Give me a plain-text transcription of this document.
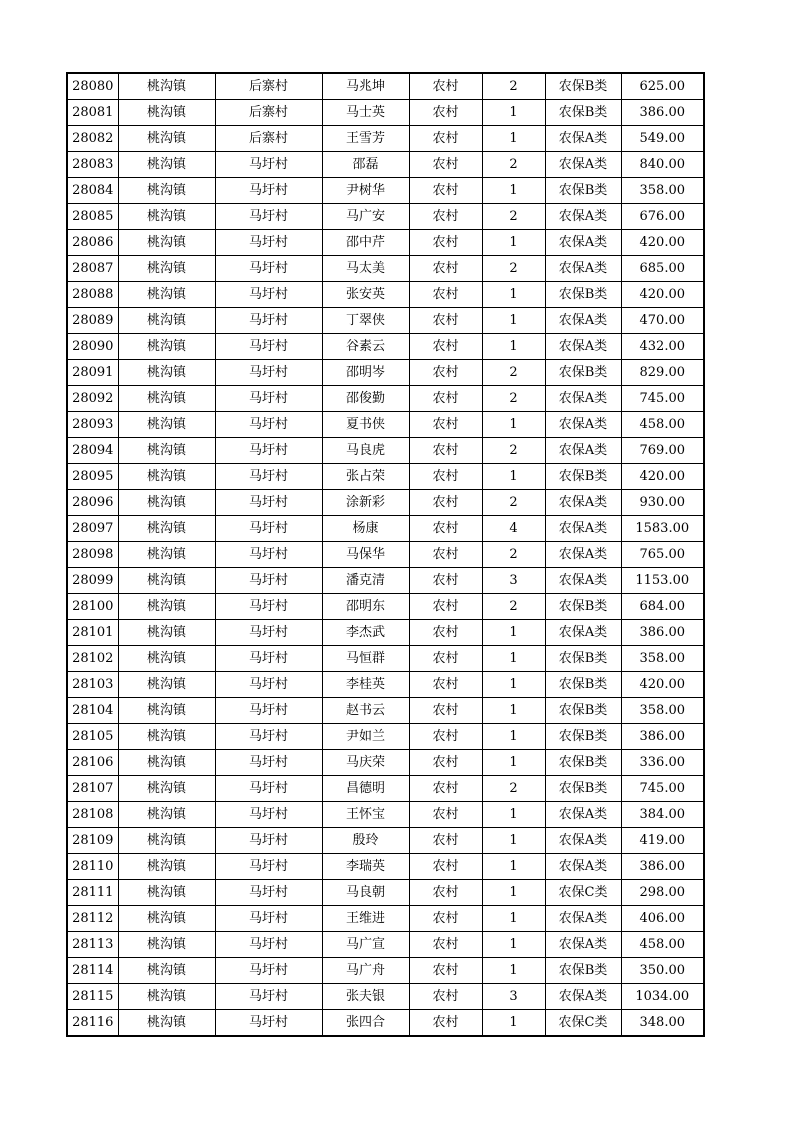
28080	桃沟镇	后寨村	马兆坤	农村	2	农保B类	625.00
28081	桃沟镇	后寨村	马士英	农村	1	农保B类	386.00
28082	桃沟镇	后寨村	王雪芳	农村	1	农保A类	549.00
28083	桃沟镇	马圩村	邵磊	农村	2	农保A类	840.00
28084	桃沟镇	马圩村	尹树华	农村	1	农保B类	358.00
28085	桃沟镇	马圩村	马广安	农村	2	农保A类	676.00
28086	桃沟镇	马圩村	邵中芹	农村	1	农保A类	420.00
28087	桃沟镇	马圩村	马太美	农村	2	农保A类	685.00
28088	桃沟镇	马圩村	张安英	农村	1	农保B类	420.00
28089	桃沟镇	马圩村	丁翠侠	农村	1	农保A类	470.00
28090	桃沟镇	马圩村	谷素云	农村	1	农保A类	432.00
28091	桃沟镇	马圩村	邵明岑	农村	2	农保B类	829.00
28092	桃沟镇	马圩村	邵俊勤	农村	2	农保A类	745.00
28093	桃沟镇	马圩村	夏书侠	农村	1	农保A类	458.00
28094	桃沟镇	马圩村	马良虎	农村	2	农保A类	769.00
28095	桃沟镇	马圩村	张占荣	农村	1	农保B类	420.00
28096	桃沟镇	马圩村	涂新彩	农村	2	农保A类	930.00
28097	桃沟镇	马圩村	杨康	农村	4	农保A类	1583.00
28098	桃沟镇	马圩村	马保华	农村	2	农保A类	765.00
28099	桃沟镇	马圩村	潘克清	农村	3	农保A类	1153.00
28100	桃沟镇	马圩村	邵明东	农村	2	农保B类	684.00
28101	桃沟镇	马圩村	李杰武	农村	1	农保A类	386.00
28102	桃沟镇	马圩村	马恒群	农村	1	农保B类	358.00
28103	桃沟镇	马圩村	李桂英	农村	1	农保B类	420.00
28104	桃沟镇	马圩村	赵书云	农村	1	农保B类	358.00
28105	桃沟镇	马圩村	尹如兰	农村	1	农保B类	386.00
28106	桃沟镇	马圩村	马庆荣	农村	1	农保B类	336.00
28107	桃沟镇	马圩村	昌德明	农村	2	农保B类	745.00
28108	桃沟镇	马圩村	王怀宝	农村	1	农保A类	384.00
28109	桃沟镇	马圩村	殷玲	农村	1	农保A类	419.00
28110	桃沟镇	马圩村	李瑞英	农村	1	农保A类	386.00
28111	桃沟镇	马圩村	马良朝	农村	1	农保C类	298.00
28112	桃沟镇	马圩村	王维进	农村	1	农保A类	406.00
28113	桃沟镇	马圩村	马广宣	农村	1	农保A类	458.00
28114	桃沟镇	马圩村	马广舟	农村	1	农保B类	350.00
28115	桃沟镇	马圩村	张夫银	农村	3	农保A类	1034.00
28116	桃沟镇	马圩村	张四合	农村	1	农保C类	348.00
